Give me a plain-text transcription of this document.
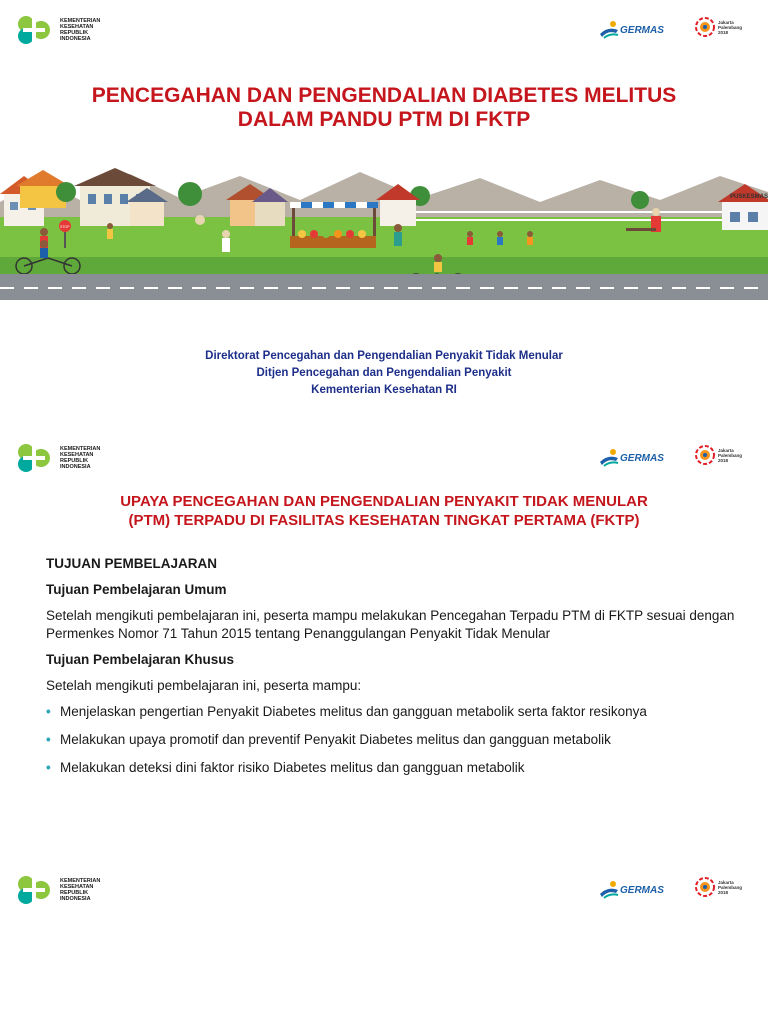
KEMENTERIAN
KESEHATAN
REPUBLIK
INDONESIA
GERMAS
Jakarta
Palembang
2018
PENCEGAHAN DAN PENGENDALIAN DIABETES MELITUS
DALAM PANDU PTM DI FKTP
PUSKESMAS
STOP
Direktorat Pencegahan dan Pengendalian Penyakit Tidak Menular
Ditjen Pencegahan dan Pengendalian Penyakit
Kementerian Kesehatan RI
KEMENTERIAN
KESEHATAN
REPUBLIK
INDONESIA
GERMAS
Jakarta
Palembang
2018
UPAYA PENCEGAHAN DAN PENGENDALIAN PENYAKIT TIDAK MENULAR
(PTM) TERPADU DI FASILITAS KESEHATAN TINGKAT PERTAMA (FKTP)
TUJUAN PEMBELAJARAN
Tujuan Pembelajaran Umum
Setelah mengikuti pembelajaran ini, peserta mampu melakukan Pencegahan Terpadu PTM di FKTP sesuai dengan Permenkes Nomor 71 Tahun 2015 tentang Penanggulangan Penyakit Tidak Menular
Tujuan Pembelajaran Khusus
Setelah mengikuti pembelajaran ini, peserta mampu:
• Menjelaskan pengertian Penyakit Diabetes melitus dan gangguan metabolik serta faktor resikonya
• Melakukan upaya promotif dan preventif Penyakit Diabetes melitus dan gangguan metabolik
• Melakukan deteksi dini faktor risiko Diabetes melitus dan gangguan metabolik
KEMENTERIAN
KESEHATAN
REPUBLIK
INDONESIA
GERMAS
Jakarta
Palembang
2018
